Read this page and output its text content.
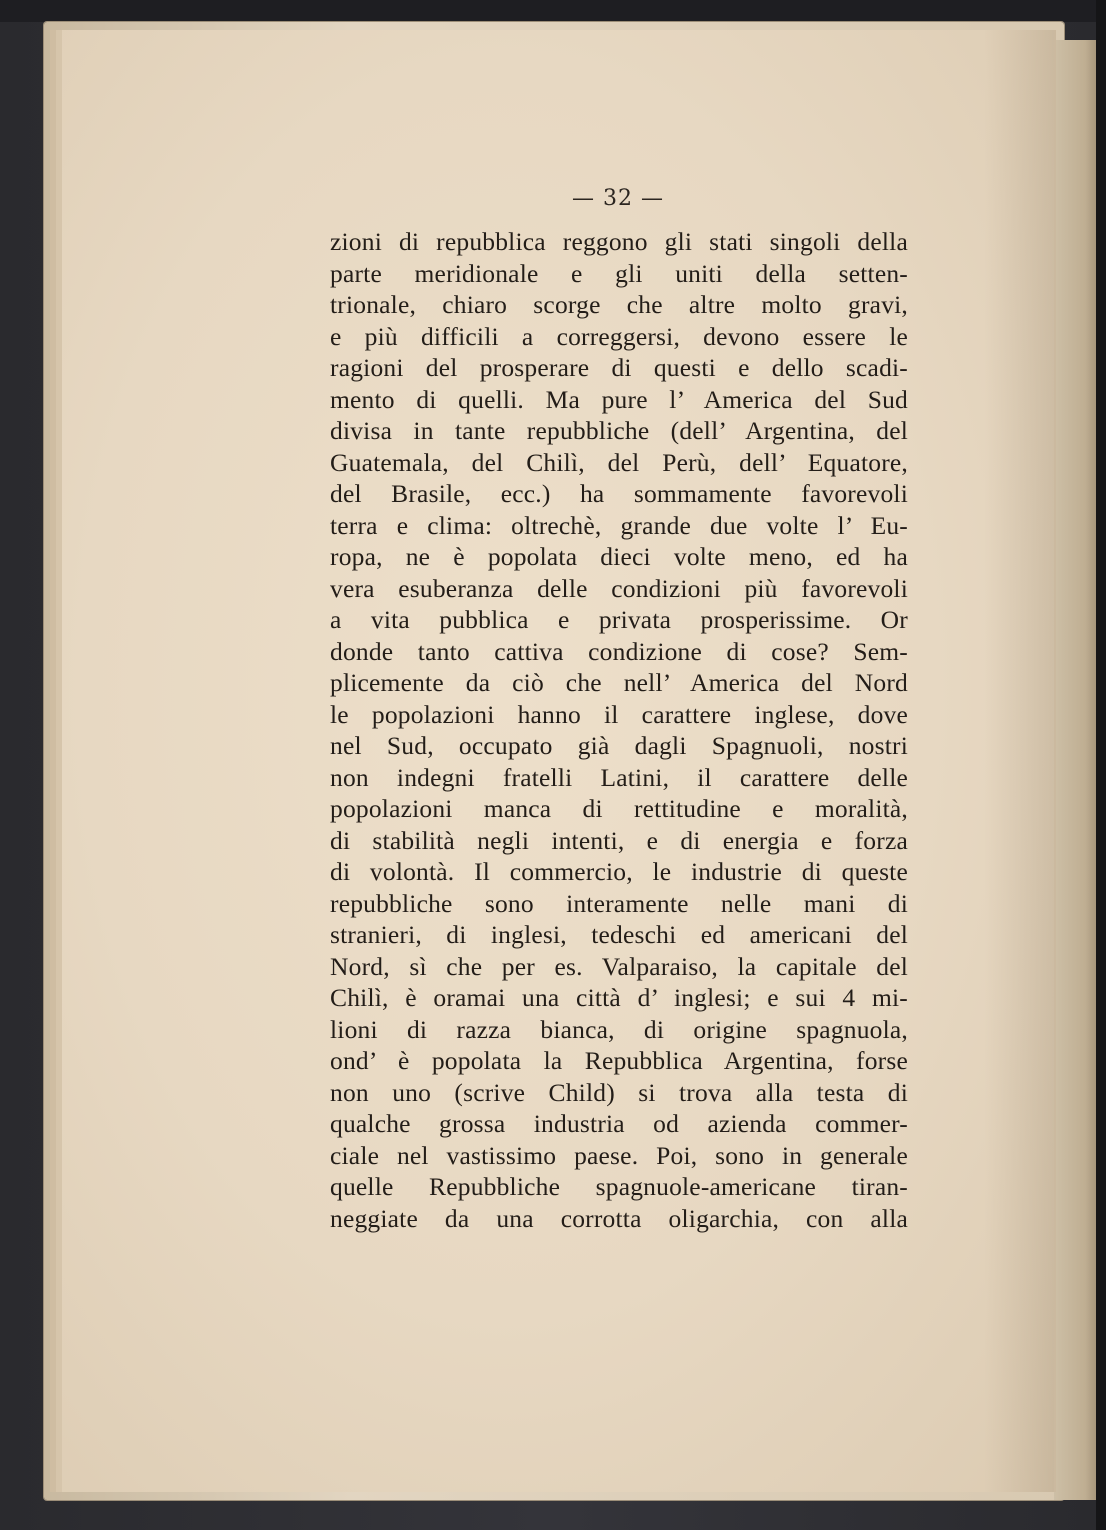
— 32 —
zioni di repubblica reggono gli stati singoli della
parte meridionale e gli uniti della setten-
trionale, chiaro scorge che altre molto gravi,
e più difficili a correggersi, devono essere le
ragioni del prosperare di questi e dello scadi-
mento di quelli. Ma pure l’ America del Sud
divisa in tante repubbliche (dell’ Argentina, del
Guatemala, del Chilì, del Perù, dell’ Equatore,
del Brasile, ecc.) ha sommamente favorevoli
terra e clima: oltrechè, grande due volte l’ Eu-
ropa, ne è popolata dieci volte meno, ed ha
vera esuberanza delle condizioni più favorevoli
a vita pubblica e privata prosperissime. Or
donde tanto cattiva condizione di cose? Sem-
plicemente da ciò che nell’ America del Nord
le popolazioni hanno il carattere inglese, dove
nel Sud, occupato già dagli Spagnuoli, nostri
non indegni fratelli Latini, il carattere delle
popolazioni manca di rettitudine e moralità,
di stabilità negli intenti, e di energia e forza
di volontà. Il commercio, le industrie di queste
repubbliche sono interamente nelle mani di
stranieri, di inglesi, tedeschi ed americani del
Nord, sì che per es. Valparaiso, la capitale del
Chilì, è oramai una città d’ inglesi; e sui 4 mi-
lioni di razza bianca, di origine spagnuola,
ond’ è popolata la Repubblica Argentina, forse
non uno (scrive Child) si trova alla testa di
qualche grossa industria od azienda commer-
ciale nel vastissimo paese. Poi, sono in generale
quelle Repubbliche spagnuole-americane tiran-
neggiate da una corrotta oligarchia, con alla
